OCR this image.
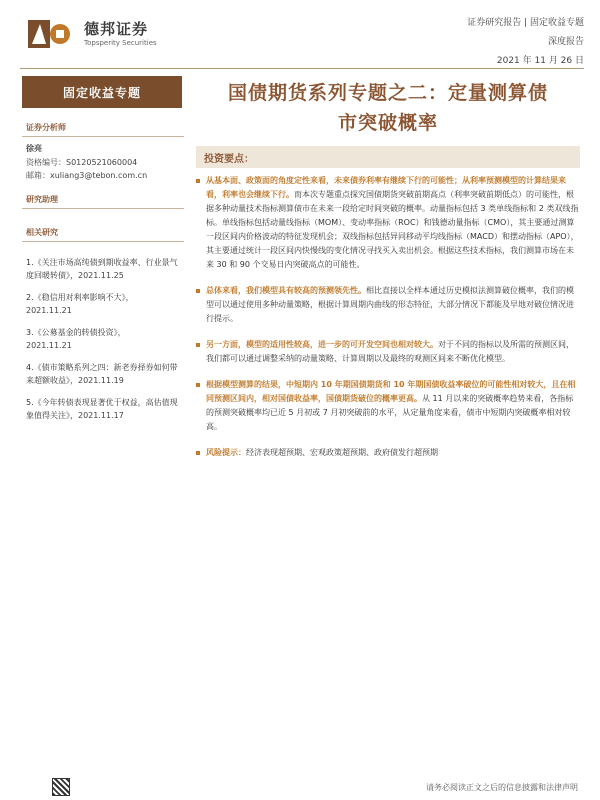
德邦证券
Topsperity Securities
证券研究报告 | 固定收益专题
深度报告
2021 年 11 月 26 日
固定收益专题	国债期货系列专题之二：定量测算债
市突破概率
证券分析师
徐亮
资格编号：S0120521060004
邮箱：xuliang3@tebon.com.cn
研究助理
相关研究
1.《关注市场高纯债到期收益率、行业景气度回暖转债》，2021.11.25
2.《稳信用对利率影响不大》，
2021.11.21
3.《公募基金的转债投资》，
2021.11.21
4.《债市策略系列之四：新老券择券如何带来超额收益》，2021.11.19
5.《今年转债表现显著优于权益，高估值现象值得关注》，2021.11.17
投资要点：
从基本面、政策面的角度定性来看，未来债券利率有继续下行的可能性；从利率预测模型的计算结果来看，利率也会继续下行。而本次专题重点探究国债期货突破前期高点（利率突破前期低点）的可能性，根据多种动量技术指标测算债市在未来一段给定时间突破的概率。动量指标包括 3 类单线指标和 2 类双线指标。单线指标包括动量线指标（MOM）、变动率指标（ROC）和钱德动量指标（CMO），其主要通过测算一段区间内价格波动的特征发现机会；双线指标包括异同移动平均线指标（MACD）和摆动指标（APO），其主要通过统计一段区间内快慢线的变化情况寻找买入卖出机会。根据这些技术指标，我们测算市场在未来 30 和 90 个交易日内突破高点的可能性。
总体来看，我们模型具有较高的预测领先性。相比直接以全样本通过历史模拟法测算破位概率，我们的模型可以通过使用多种动量策略，根据计算周期内曲线的形态特征，大部分情况下都能及早地对破位情况进行提示。
另一方面，模型的适用性较高，进一步的可开发空间也相对较大。对于不同的指标以及所需的预测区间，我们都可以通过调整采纳的动量策略、计算周期以及最终的观测区间来不断优化模型。
根据模型测算的结果，中短期内 10 年期国债期货和 10 年期国债收益率破位的可能性相对较大，且在相同预测区间内，相对国债收益率，国债期货破位的概率更高。从 11 月以来的突破概率趋势来看，各指标的预测突破概率均已近 5 月初或 7 月初突破前的水平，从定量角度来看，债市中短期内突破概率相对较高。
风险提示：经济表现超预期、宏观政策超预期、政府债发行超预期
请务必阅读正文之后的信息披露和法律声明
